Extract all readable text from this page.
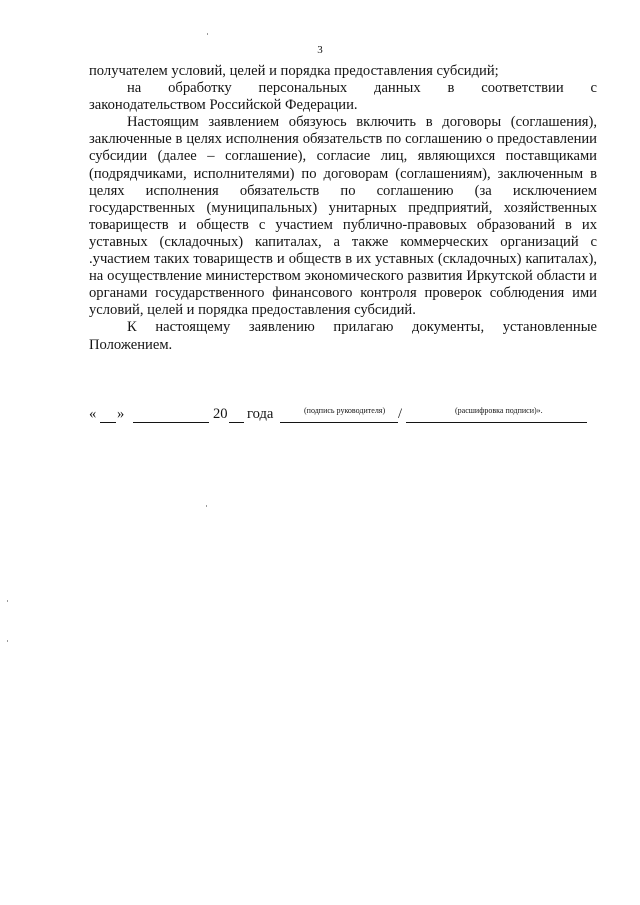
3

получателем условий, целей и порядка предоставления субсидий;

на обработку персональных данных в соответствии с

законодательством Российской Федерации.

Настоящим заявлением обязуюсь включить в договоры (соглашения), заключенные в целях исполнения обязательств по соглашению о предоставлении субсидии (далее – соглашение), согласие лиц, являющихся поставщиками (подрядчиками, исполнителями) по договорам (соглашениям), заключенным в целях исполнения обязательств по соглашению (за исключением государственных (муниципальных) унитарных предприятий, хозяйственных товариществ и обществ с участием публично-правовых образований в их уставных (складочных) капиталах, а также коммерческих организаций с .участием таких товариществ и обществ в их уставных (складочных) капиталах), на осуществление министерством экономического развития Иркутской области и органами государственного финансового контроля проверок соблюдения ими условий, целей и порядка предоставления субсидий.

К настоящему заявлению прилагаю документы, установленные Положением.

« »	20 года	/
(подпись руководителя)	(расшифровка подписи)».
